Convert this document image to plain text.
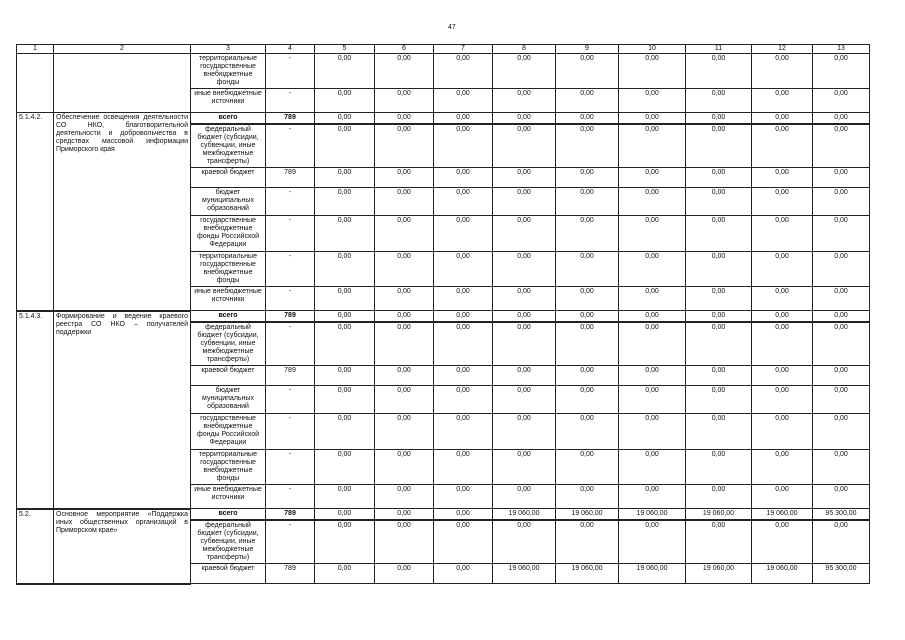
47
1	2	3	4	5	6	7	8	9	10	11	12	13
		территориальные государственные внебюджетные фонды	-	0,00	0,00	0,00	0,00	0,00	0,00	0,00	0,00	0,00
		иные внебюджетные источники	-	0,00	0,00	0,00	0,00	0,00	0,00	0,00	0,00	0,00
5.1.4.2.	Обеспечение освещения деятельности СО НКО, благотворительной деятельности и добровольчества в средствах массовой информации Приморского края	всего	789	0,00	0,00	0,00	0,00	0,00	0,00	0,00	0,00	0,00
		федеральный бюджет (субсидии, субвенции, иные межбюджетные трансферты)	-	0,00	0,00	0,00	0,00	0,00	0,00	0,00	0,00	0,00
		краевой бюджет	789	0,00	0,00	0,00	0,00	0,00	0,00	0,00	0,00	0,00
		бюджет муниципальных образований	-	0,00	0,00	0,00	0,00	0,00	0,00	0,00	0,00	0,00
		государственные внебюджетные фонды Российской Федерации	-	0,00	0,00	0,00	0,00	0,00	0,00	0,00	0,00	0,00
		территориальные государственные внебюджетные фонды	-	0,00	0,00	0,00	0,00	0,00	0,00	0,00	0,00	0,00
		иные внебюджетные источники	-	0,00	0,00	0,00	0,00	0,00	0,00	0,00	0,00	0,00
5.1.4.3.	Формирование и ведение краевого реестра СО НКО – получателей поддержки	всего	789	0,00	0,00	0,00	0,00	0,00	0,00	0,00	0,00	0,00
		федеральный бюджет (субсидии, субвенции, иные межбюджетные трансферты)	-	0,00	0,00	0,00	0,00	0,00	0,00	0,00	0,00	0,00
		краевой бюджет	789	0,00	0,00	0,00	0,00	0,00	0,00	0,00	0,00	0,00
		бюджет муниципальных образований	-	0,00	0,00	0,00	0,00	0,00	0,00	0,00	0,00	0,00
		государственные внебюджетные фонды Российской Федерации	-	0,00	0,00	0,00	0,00	0,00	0,00	0,00	0,00	0,00
		территориальные государственные внебюджетные фонды	-	0,00	0,00	0,00	0,00	0,00	0,00	0,00	0,00	0,00
		иные внебюджетные источники	-	0,00	0,00	0,00	0,00	0,00	0,00	0,00	0,00	0,00
5.2.	Основное мероприятие «Поддержка иных общественных организаций в Приморском крае»	всего	789	0,00	0,00	0,00	19 060,00	19 060,00	19 060,00	19 060,00	19 060,00	95 300,00
		федеральный бюджет (субсидии, субвенции, иные межбюджетные трансферты)	-	0,00	0,00	0,00	0,00	0,00	0,00	0,00	0,00	0,00
		краевой бюджет	789	0,00	0,00	0,00	19 060,00	19 060,00	19 060,00	19 060,00	19 060,00	95 300,00
